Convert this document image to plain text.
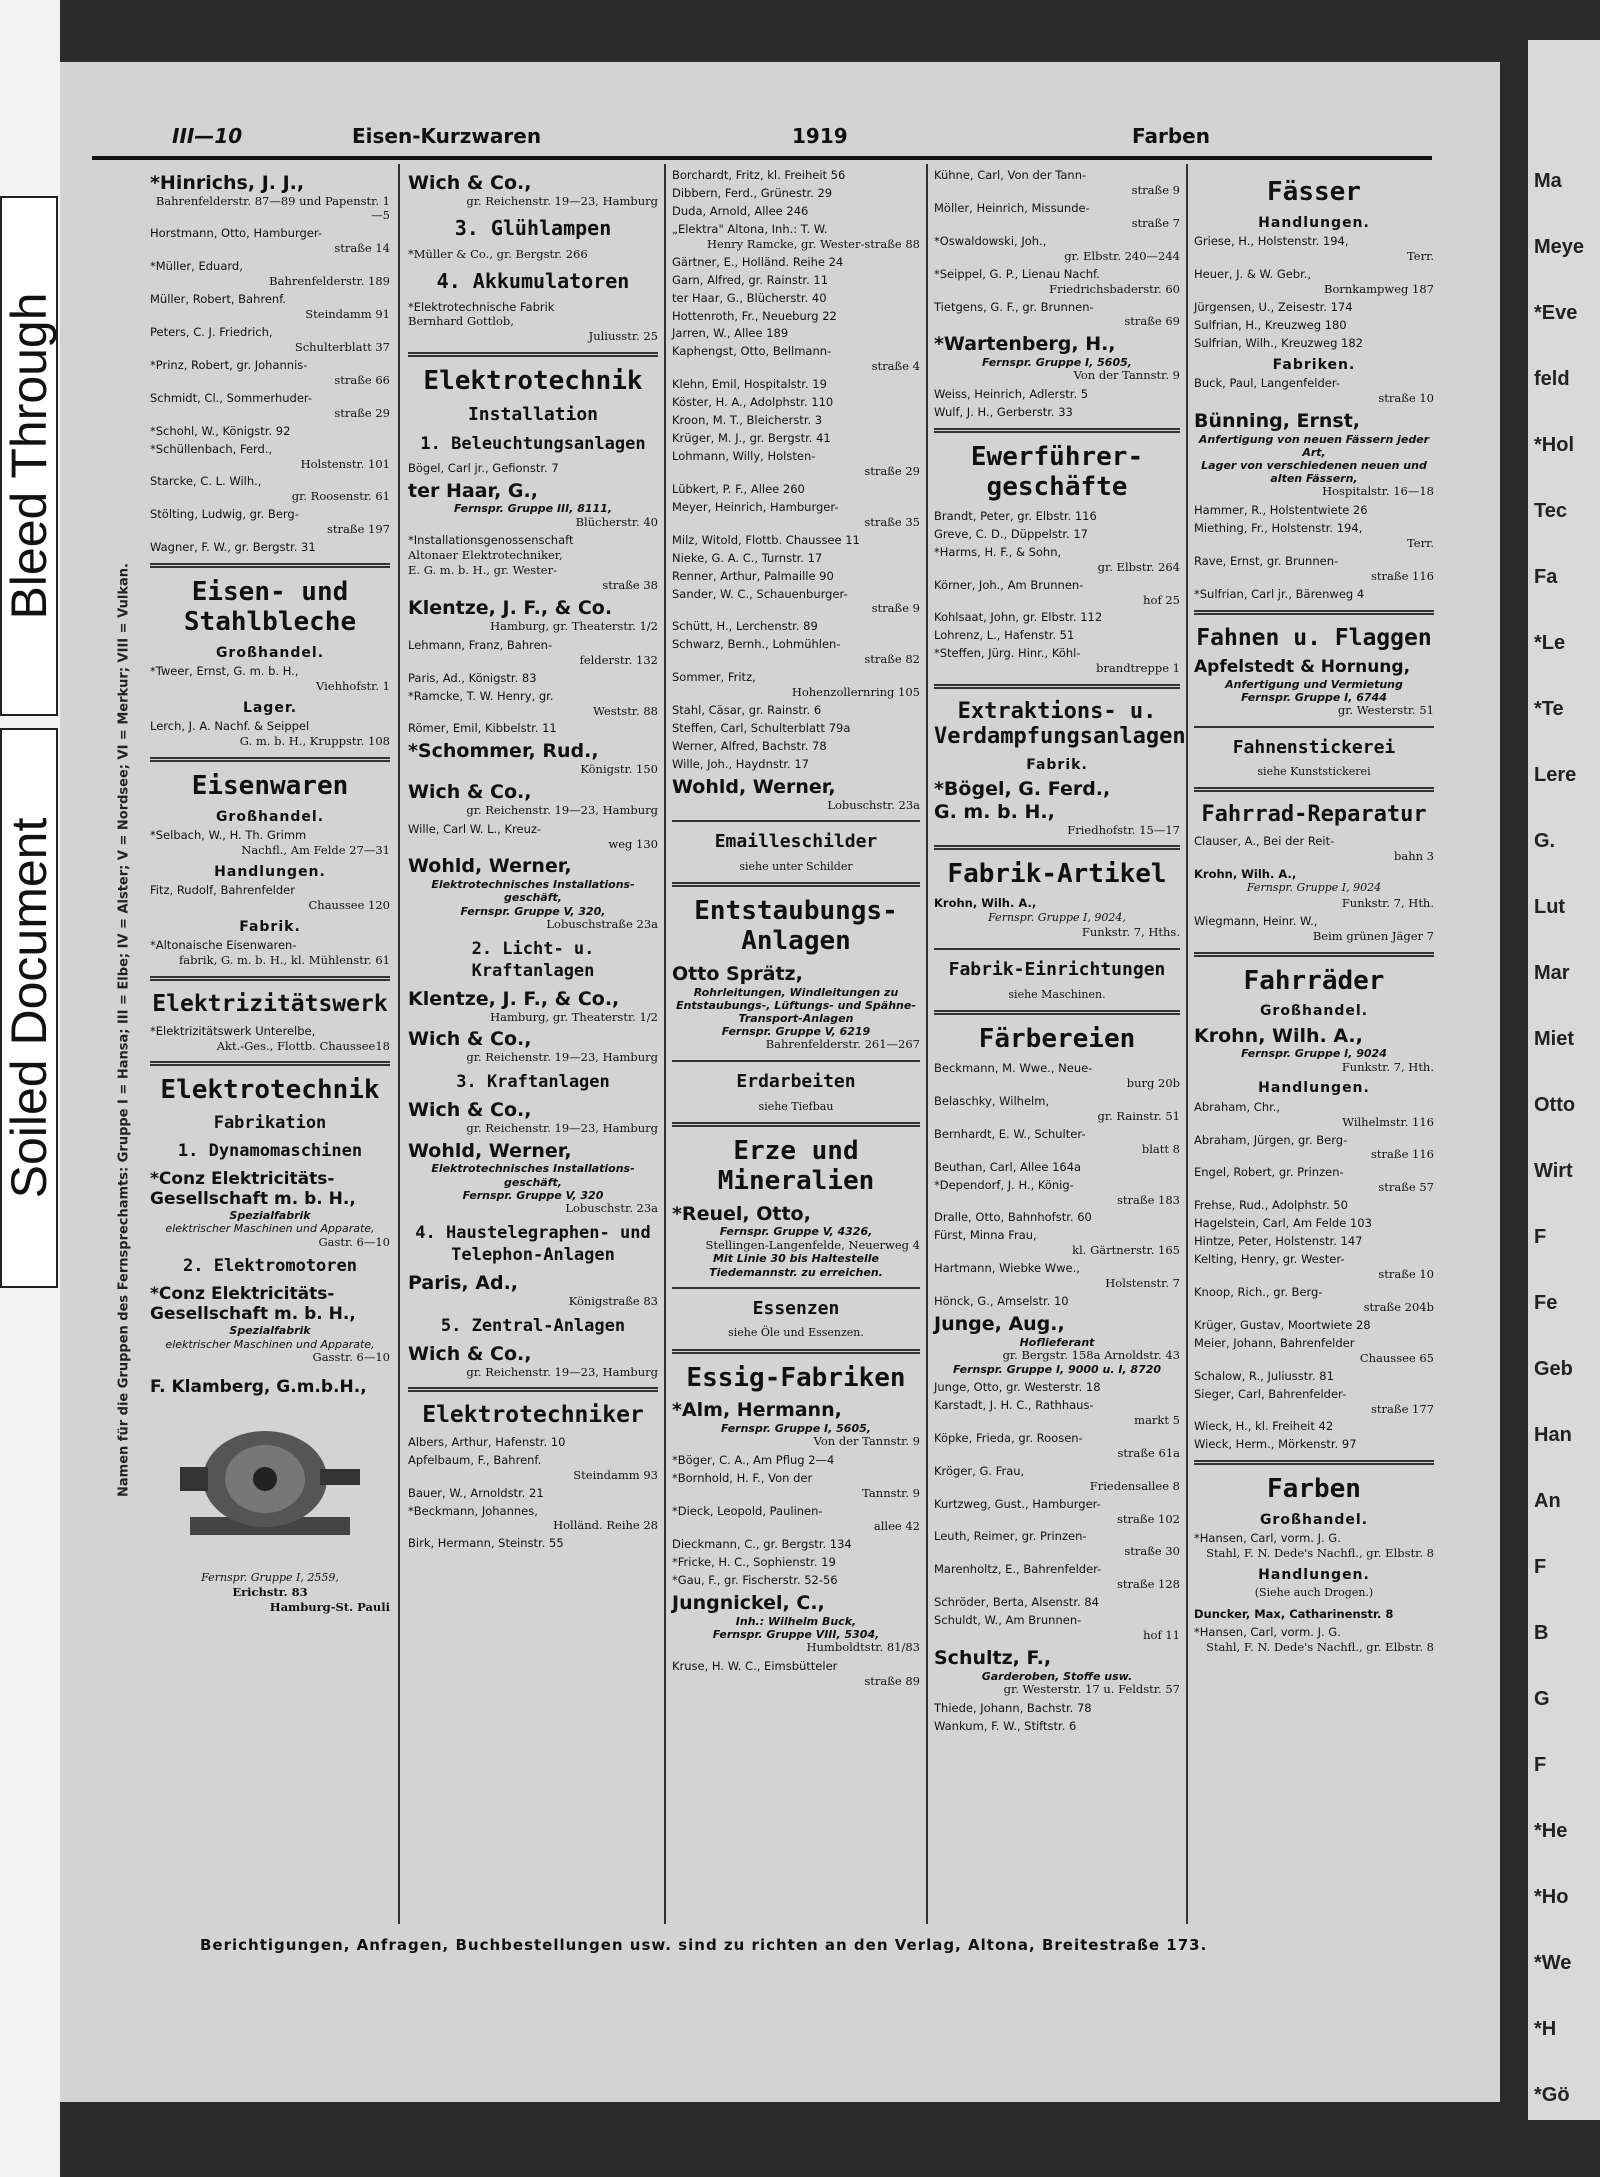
Bleed Through
Soiled Document
Ma
Meye
*Eve
feld
*Hol
Tec
Fa
*Le
*Te
Lere
G.
Lut
Mar
Miet
Otto
Wirt
F
Fe
Geb
Han
An
F
B
G
F
*He
*Ho
*We
*H
*Gö
III—10	Eisen-Kurzwaren	1919	Farben
Namen für die Gruppen des Fernsprechamts: Gruppe I = Hansa; III = Elbe; IV = Alster; V = Nordsee; VI = Merkur; VIII = Vulkan.
*Hinrichs, J. J.,
Bahrenfelderstr. 87—89 und Papenstr. 1—5
Horstmann, Otto, Hamburger-
straße 14
*Müller, Eduard,
Bahrenfelderstr. 189
Müller, Robert, Bahrenf.
Steindamm 91
Peters, C. J. Friedrich,
Schulterblatt 37
*Prinz, Robert, gr. Johannis-
straße 66
Schmidt, Cl., Sommerhuder-
straße 29
*Schohl, W., Königstr. 92
*Schüllenbach, Ferd.,
Holstenstr. 101
Starcke, C. L. Wilh.,
gr. Roosenstr. 61
Stölting, Ludwig, gr. Berg-
straße 197
Wagner, F. W., gr. Bergstr. 31
Eisen- und Stahlbleche
Großhandel.
*Tweer, Ernst, G. m. b. H.,
Viehhofstr. 1
Lager.
Lerch, J. A. Nachf. & Seippel
G. m. b. H., Kruppstr. 108
Eisenwaren
Großhandel.
*Selbach, W., H. Th. Grimm
Nachfl., Am Felde 27—31
Handlungen.
Fitz, Rudolf, Bahrenfelder
Chaussee 120
Fabrik.
*Altonaische Eisenwaren-
fabrik, G. m. b. H., kl. Mühlenstr. 61
Elektrizitätswerk
*Elektrizitätswerk Unterelbe,
Akt.-Ges., Flottb. Chaussee18
Elektrotechnik
Fabrikation
1. Dynamomaschinen
*Conz Elektricitäts-
Gesellschaft m. b. H.,
Spezialfabrik
elektrischer Maschinen und Apparate,
Gastr. 6—10
2. Elektromotoren
*Conz Elektricitäts-
Gesellschaft m. b. H.,
Spezialfabrik
elektrischer Maschinen und Apparate,
Gasstr. 6—10
F. Klamberg, G.m.b.H.,
Fernspr. Gruppe I, 2559,
Erichstr. 83

Hamburg-St. Pauli
Wich & Co.,
gr. Reichenstr. 19—23, Hamburg
3. Glühlampen
*Müller & Co., gr. Bergstr. 266
4. Akkumulatoren
*Elektrotechnische Fabrik
Bernhard Gottlob,
Juliusstr. 25
Elektrotechnik
Installation
1. Beleuchtungsanlagen
Bögel, Carl jr., Gefionstr. 7
ter Haar, G.,
Fernspr. Gruppe III, 8111,
Blücherstr. 40
*Installationsgenossenschaft
Altonaer Elektrotechniker,
E. G. m. b. H., gr. Wester-
straße 38
Klentze, J. F., & Co.
Hamburg, gr. Theaterstr. 1/2
Lehmann, Franz, Bahren-
felderstr. 132
Paris, Ad., Königstr. 83
*Ramcke, T. W. Henry, gr.
Weststr. 88
Römer, Emil, Kibbelstr. 11
*Schommer, Rud.,
Königstr. 150
Wich & Co.,
gr. Reichenstr. 19—23, Hamburg
Wille, Carl W. L., Kreuz-
weg 130
Wohld, Werner,
Elektrotechnisches Installations-geschäft,
Fernspr. Gruppe V, 320,
Lobuschstraße 23a
2. Licht- u. Kraftanlagen
Klentze, J. F., & Co.,
Hamburg, gr. Theaterstr. 1/2
Wich & Co.,
gr. Reichenstr. 19—23, Hamburg
3. Kraftanlagen
Wich & Co.,
gr. Reichenstr. 19—23, Hamburg
Wohld, Werner,
Elektrotechnisches Installations-geschäft,
Fernspr. Gruppe V, 320
Lobuschstr. 23a
4. Haustelegraphen- und Telephon-Anlagen
Paris, Ad.,
Königstraße 83
5. Zentral-Anlagen
Wich & Co.,
gr. Reichenstr. 19—23, Hamburg
Elektrotechniker
Albers, Arthur, Hafenstr. 10
Apfelbaum, F., Bahrenf.
Steindamm 93
Bauer, W., Arnoldstr. 21
*Beckmann, Johannes,
Holländ. Reihe 28
Birk, Hermann, Steinstr. 55
Borchardt, Fritz, kl. Freiheit 56
Dibbern, Ferd., Grünestr. 29
Duda, Arnold, Allee 246
„Elektra" Altona, Inh.: T. W.
Henry Ramcke, gr. Wester-straße 88
Gärtner, E., Holländ. Reihe 24
Garn, Alfred, gr. Rainstr. 11
ter Haar, G., Blücherstr. 40
Hottenroth, Fr., Neueburg 22
Jarren, W., Allee 189
Kaphengst, Otto, Bellmann-
straße 4
Klehn, Emil, Hospitalstr. 19
Köster, H. A., Adolphstr. 110
Kroon, M. T., Bleicherstr. 3
Krüger, M. J., gr. Bergstr. 41
Lohmann, Willy, Holsten-
straße 29
Lübkert, P. F., Allee 260
Meyer, Heinrich, Hamburger-
straße 35
Milz, Witold, Flottb. Chaussee 11
Nieke, G. A. C., Turnstr. 17
Renner, Arthur, Palmaille 90
Sander, W. C., Schauenburger-
straße 9
Schütt, H., Lerchenstr. 89
Schwarz, Bernh., Lohmühlen-
straße 82
Sommer, Fritz,
Hohenzollernring 105
Stahl, Cäsar, gr. Rainstr. 6
Steffen, Carl, Schulterblatt 79a
Werner, Alfred, Bachstr. 78
Wille, Joh., Haydnstr. 17
Wohld, Werner,
Lobuschstr. 23a
Emailleschilder
siehe unter Schilder
Entstaubungs-Anlagen
Otto Sprätz,
Rohrleitungen, Windleitungen zu Entstaubungs-, Lüftungs- und Spähne-Transport-Anlagen
Fernspr. Gruppe V, 6219
Bahrenfelderstr. 261—267
Erdarbeiten
siehe Tiefbau
Erze und Mineralien
*Reuel, Otto,
Fernspr. Gruppe V, 4326,
Stellingen-Langenfelde, Neuerweg 4
Mit Linie 30 bis Haltestelle Tiedemannstr. zu erreichen.
Essenzen
siehe Öle und Essenzen.
Essig-Fabriken
*Alm, Hermann,
Fernspr. Gruppe I, 5605,
Von der Tannstr. 9
*Böger, C. A., Am Pflug 2—4
*Bornhold, H. F., Von der
Tannstr. 9
*Dieck, Leopold, Paulinen-
allee 42
Dieckmann, C., gr. Bergstr. 134
*Fricke, H. C., Sophienstr. 19
*Gau, F., gr. Fischerstr. 52-56
Jungnickel, C.,
Inh.: Wilhelm Buck,
Fernspr. Gruppe VIII, 5304,
Humboldtstr. 81/83
Kruse, H. W. C., Eimsbütteler
straße 89
Kühne, Carl, Von der Tann-
straße 9
Möller, Heinrich, Missunde-
straße 7
*Oswaldowski, Joh.,
gr. Elbstr. 240—244
*Seippel, G. P., Lienau Nachf.
Friedrichsbaderstr. 60
Tietgens, G. F., gr. Brunnen-
straße 69
*Wartenberg, H.,
Fernspr. Gruppe I, 5605,
Von der Tannstr. 9
Weiss, Heinrich, Adlerstr. 5
Wulf, J. H., Gerberstr. 33
Ewerführer-geschäfte
Brandt, Peter, gr. Elbstr. 116
Greve, C. D., Düppelstr. 17
*Harms, H. F., & Sohn,
gr. Elbstr. 264
Körner, Joh., Am Brunnen-
hof 25
Kohlsaat, John, gr. Elbstr. 112
Lohrenz, L., Hafenstr. 51
*Steffen, Jürg. Hinr., Köhl-
brandtreppe 1
Extraktions- u. Verdampfungsanlagen
Fabrik.
*Bögel, G. Ferd.,
G. m. b. H.,
Friedhofstr. 15—17
Fabrik-Artikel
Krohn, Wilh. A.,
Fernspr. Gruppe I, 9024,
Funkstr. 7, Hths.
Fabrik-Einrichtungen
siehe Maschinen.
Färbereien
Beckmann, M. Wwe., Neue-
burg 20b
Belaschky, Wilhelm,
gr. Rainstr. 51
Bernhardt, E. W., Schulter-
blatt 8
Beuthan, Carl, Allee 164a
*Dependorf, J. H., König-
straße 183
Dralle, Otto, Bahnhofstr. 60
Fürst, Minna Frau,
kl. Gärtnerstr. 165
Hartmann, Wiebke Wwe.,
Holstenstr. 7
Hönck, G., Amselstr. 10
Junge, Aug.,
Hoflieferant
gr. Bergstr. 158a Arnoldstr. 43
Fernspr. Gruppe I, 9000 u. I, 8720
Junge, Otto, gr. Westerstr. 18
Karstadt, J. H. C., Rathhaus-
markt 5
Köpke, Frieda, gr. Roosen-
straße 61a
Kröger, G. Frau,
Friedensallee 8
Kurtzweg, Gust., Hamburger-
straße 102
Leuth, Reimer, gr. Prinzen-
straße 30
Marenholtz, E., Bahrenfelder-
straße 128
Schröder, Berta, Alsenstr. 84
Schuldt, W., Am Brunnen-
hof 11
Schultz, F.,
Garderoben, Stoffe usw.
gr. Westerstr. 17 u. Feldstr. 57
Thiede, Johann, Bachstr. 78
Wankum, F. W., Stiftstr. 6
Fässer
Handlungen.
Griese, H., Holstenstr. 194,
Terr.
Heuer, J. & W. Gebr.,
Bornkampweg 187
Jürgensen, U., Zeisestr. 174
Sulfrian, H., Kreuzweg 180
Sulfrian, Wilh., Kreuzweg 182
Fabriken.
Buck, Paul, Langenfelder-
straße 10
Bünning, Ernst,
Anfertigung von neuen Fässern jeder Art,
Lager von verschiedenen neuen und alten Fässern,
Hospitalstr. 16—18
Hammer, R., Holstentwiete 26
Miething, Fr., Holstenstr. 194,
Terr.
Rave, Ernst, gr. Brunnen-
straße 116
*Sulfrian, Carl jr., Bärenweg 4
Fahnen u. Flaggen
Apfelstedt & Hornung,
Anfertigung und Vermietung
Fernspr. Gruppe I, 6744
gr. Westerstr. 51
Fahnenstickerei
siehe Kunststickerei
Fahrrad-Reparatur
Clauser, A., Bei der Reit-
bahn 3
Krohn, Wilh. A.,
Fernspr. Gruppe I, 9024
Funkstr. 7, Hth.
Wiegmann, Heinr. W.,
Beim grünen Jäger 7
Fahrräder
Großhandel.
Krohn, Wilh. A.,
Fernspr. Gruppe I, 9024
Funkstr. 7, Hth.
Handlungen.
Abraham, Chr.,
Wilhelmstr. 116
Abraham, Jürgen, gr. Berg-
straße 116
Engel, Robert, gr. Prinzen-
straße 57
Frehse, Rud., Adolphstr. 50
Hagelstein, Carl, Am Felde 103
Hintze, Peter, Holstenstr. 147
Kelting, Henry, gr. Wester-
straße 10
Knoop, Rich., gr. Berg-
straße 204b
Krüger, Gustav, Moortwiete 28
Meier, Johann, Bahrenfelder
Chaussee 65
Schalow, R., Juliusstr. 81
Sieger, Carl, Bahrenfelder-
straße 177
Wieck, H., kl. Freiheit 42
Wieck, Herm., Mörkenstr. 97
Farben
Großhandel.
*Hansen, Carl, vorm. J. G.
Stahl, F. N. Dede's Nachfl., gr. Elbstr. 8
Handlungen.
(Siehe auch Drogen.)
Duncker, Max, Catharinenstr. 8
*Hansen, Carl, vorm. J. G.
Stahl, F. N. Dede's Nachfl., gr. Elbstr. 8
Berichtigungen, Anfragen, Buchbestellungen usw. sind zu richten an den Verlag, Altona, Breitestraße 173.
